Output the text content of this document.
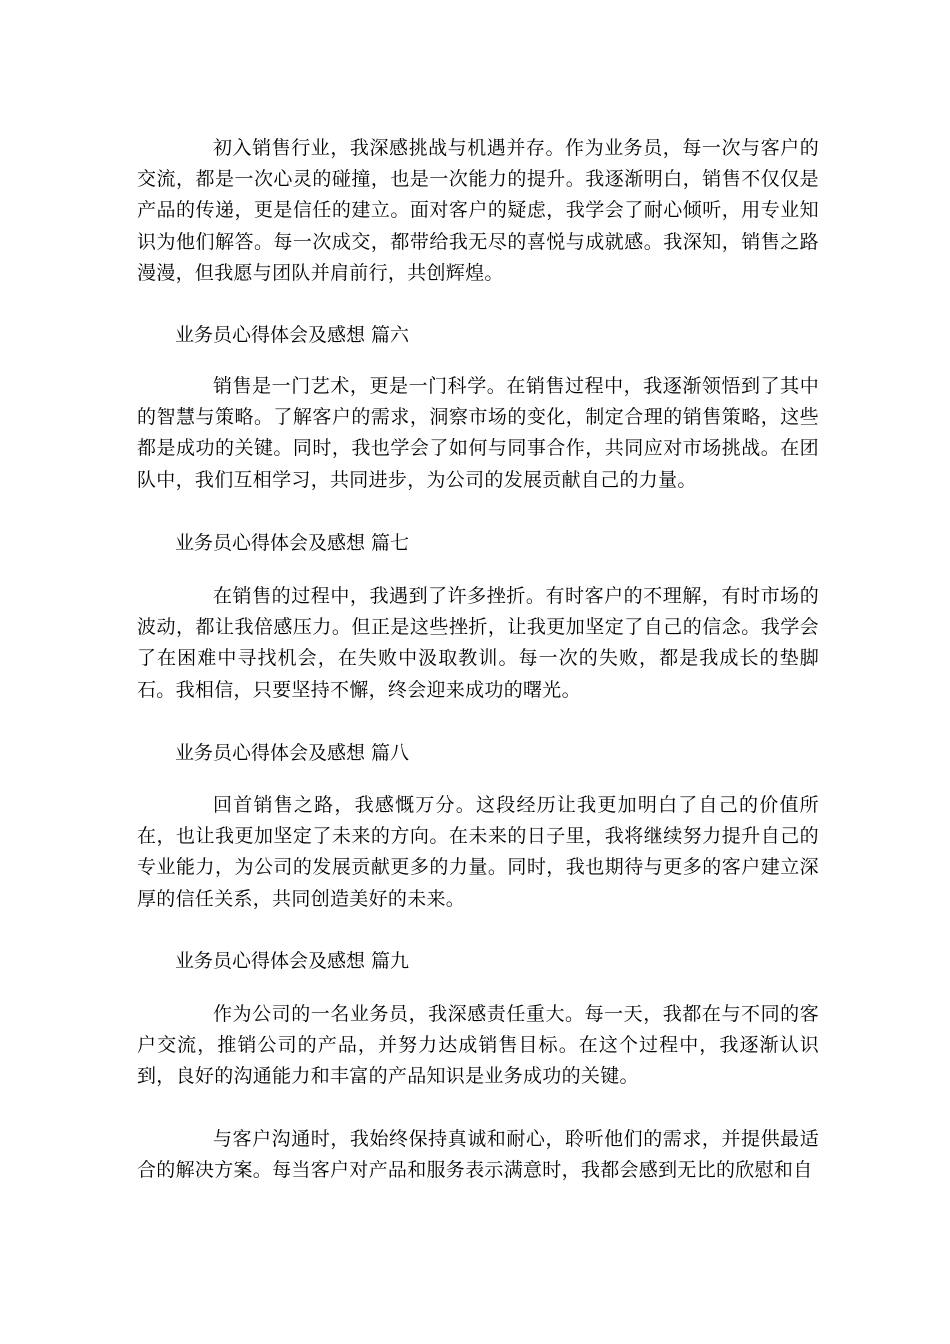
初入销售行业，我深感挑战与机遇并存。作为业务员，每一次与客户的交流，都是一次心灵的碰撞，也是一次能力的提升。我逐渐明白，销售不仅仅是产品的传递，更是信任的建立。面对客户的疑虑，我学会了耐心倾听，用专业知识为他们解答。每一次成交，都带给我无尽的喜悦与成就感。我深知，销售之路漫漫，但我愿与团队并肩前行，共创辉煌。

业务员心得体会及感想 篇六

销售是一门艺术，更是一门科学。在销售过程中，我逐渐领悟到了其中的智慧与策略。了解客户的需求，洞察市场的变化，制定合理的销售策略，这些都是成功的关键。同时，我也学会了如何与同事合作，共同应对市场挑战。在团队中，我们互相学习，共同进步，为公司的发展贡献自己的力量。

业务员心得体会及感想 篇七

在销售的过程中，我遇到了许多挫折。有时客户的不理解，有时市场的波动，都让我倍感压力。但正是这些挫折，让我更加坚定了自己的信念。我学会了在困难中寻找机会，在失败中汲取教训。每一次的失败，都是我成长的垫脚石。我相信，只要坚持不懈，终会迎来成功的曙光。

业务员心得体会及感想 篇八

回首销售之路，我感慨万分。这段经历让我更加明白了自己的价值所在，也让我更加坚定了未来的方向。在未来的日子里，我将继续努力提升自己的专业能力，为公司的发展贡献更多的力量。同时，我也期待与更多的客户建立深厚的信任关系，共同创造美好的未来。

业务员心得体会及感想 篇九

作为公司的一名业务员，我深感责任重大。每一天，我都在与不同的客户交流，推销公司的产品，并努力达成销售目标。在这个过程中，我逐渐认识到，良好的沟通能力和丰富的产品知识是业务成功的关键。

与客户沟通时，我始终保持真诚和耐心，聆听他们的需求，并提供最适合的解决方案。每当客户对产品和服务表示满意时，我都会感到无比的欣慰和自
